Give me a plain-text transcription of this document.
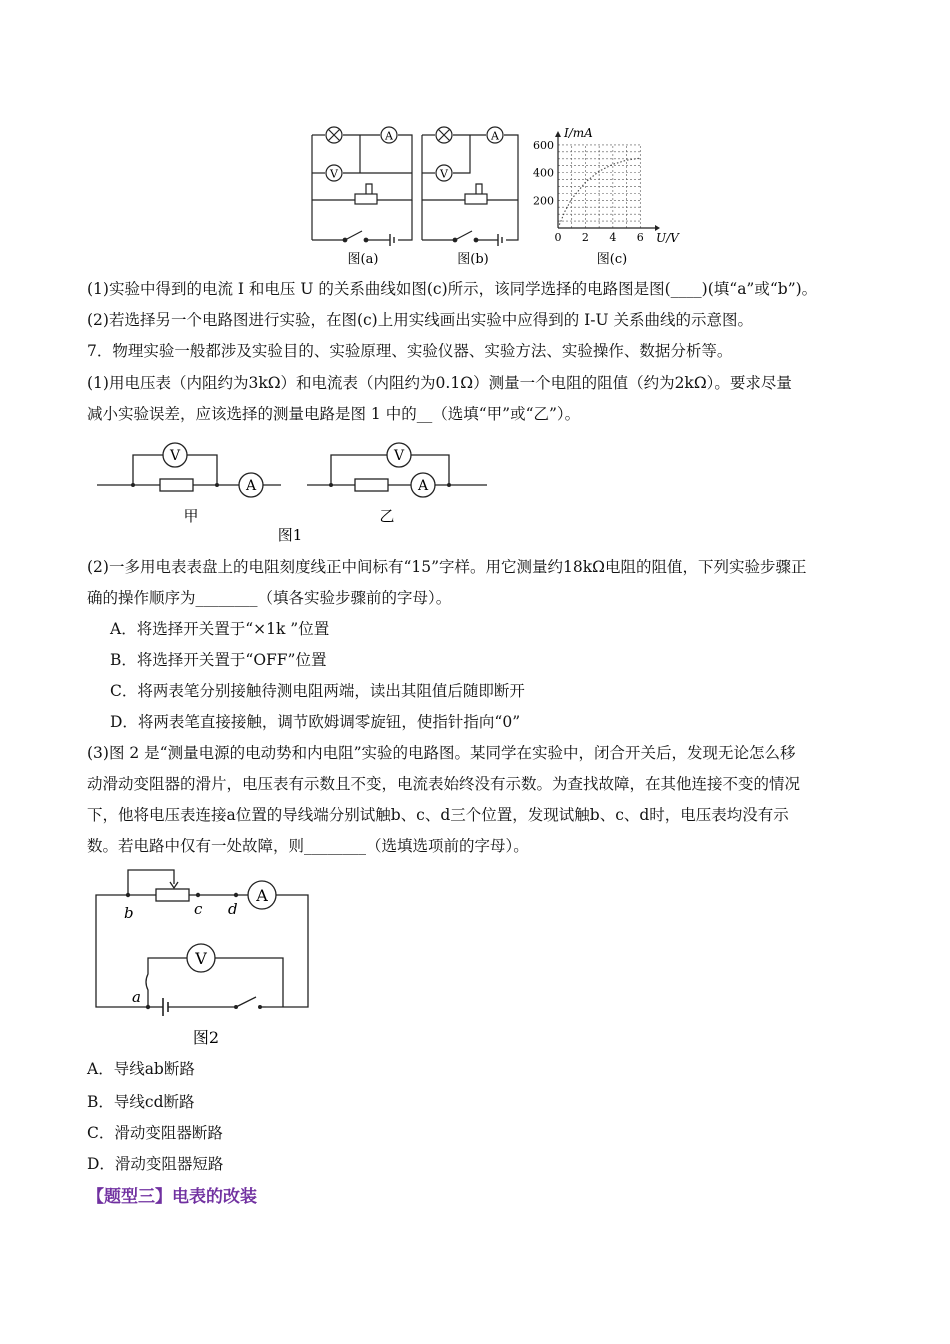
A
V
A
V
图(a)	图(b)	图(c)
600
400
200
0 2 4 6
I/mA
U/V
(1)实验中得到的电流 I 和电压 U 的关系曲线如图(c)所示，该同学选择的电路图是图(____)(填“a”或“b”)。
(2)若选择另一个电路图进行实验，在图(c)上用实线画出实验中应得到的 I-U 关系曲线的示意图。
7．物理实验一般都涉及实验目的、实验原理、实验仪器、实验方法、实验操作、数据分析等。
(1)用电压表（内阻约为3kΩ）和电流表（内阻约为0.1Ω）测量一个电阻的阻值（约为2kΩ）。要求尽量
减小实验误差，应该选择的测量电路是图 1 中的__（选填“甲”或“乙”）。
V
A
V
A
甲	乙
图1
(2)一多用电表表盘上的电阻刻度线正中间标有“15”字样。用它测量约18kΩ电阻的阻值，下列实验步骤正
确的操作顺序为________（填各实验步骤前的字母）。
A．将选择开关置于“×1k ”位置
B．将选择开关置于“OFF”位置
C．将两表笔分别接触待测电阻两端，读出其阻值后随即断开
D．将两表笔直接接触，调节欧姆调零旋钮，使指针指向“0”
(3)图 2 是“测量电源的电动势和内电阻”实验的电路图。某同学在实验中，闭合开关后，发现无论怎么移
动滑动变阻器的滑片，电压表有示数且不变，电流表始终没有示数。为查找故障，在其他连接不变的情况
下，他将电压表连接a位置的导线端分别试触b、c、d三个位置，发现试触b、c、d时，电压表均没有示
数。若电路中仅有一处故障，则________（选填选项前的字母）。
A
V
b	c d
a
图2
A．导线ab断路
B．导线cd断路
C．滑动变阻器断路
D．滑动变阻器短路
【题型三】电表的改装
